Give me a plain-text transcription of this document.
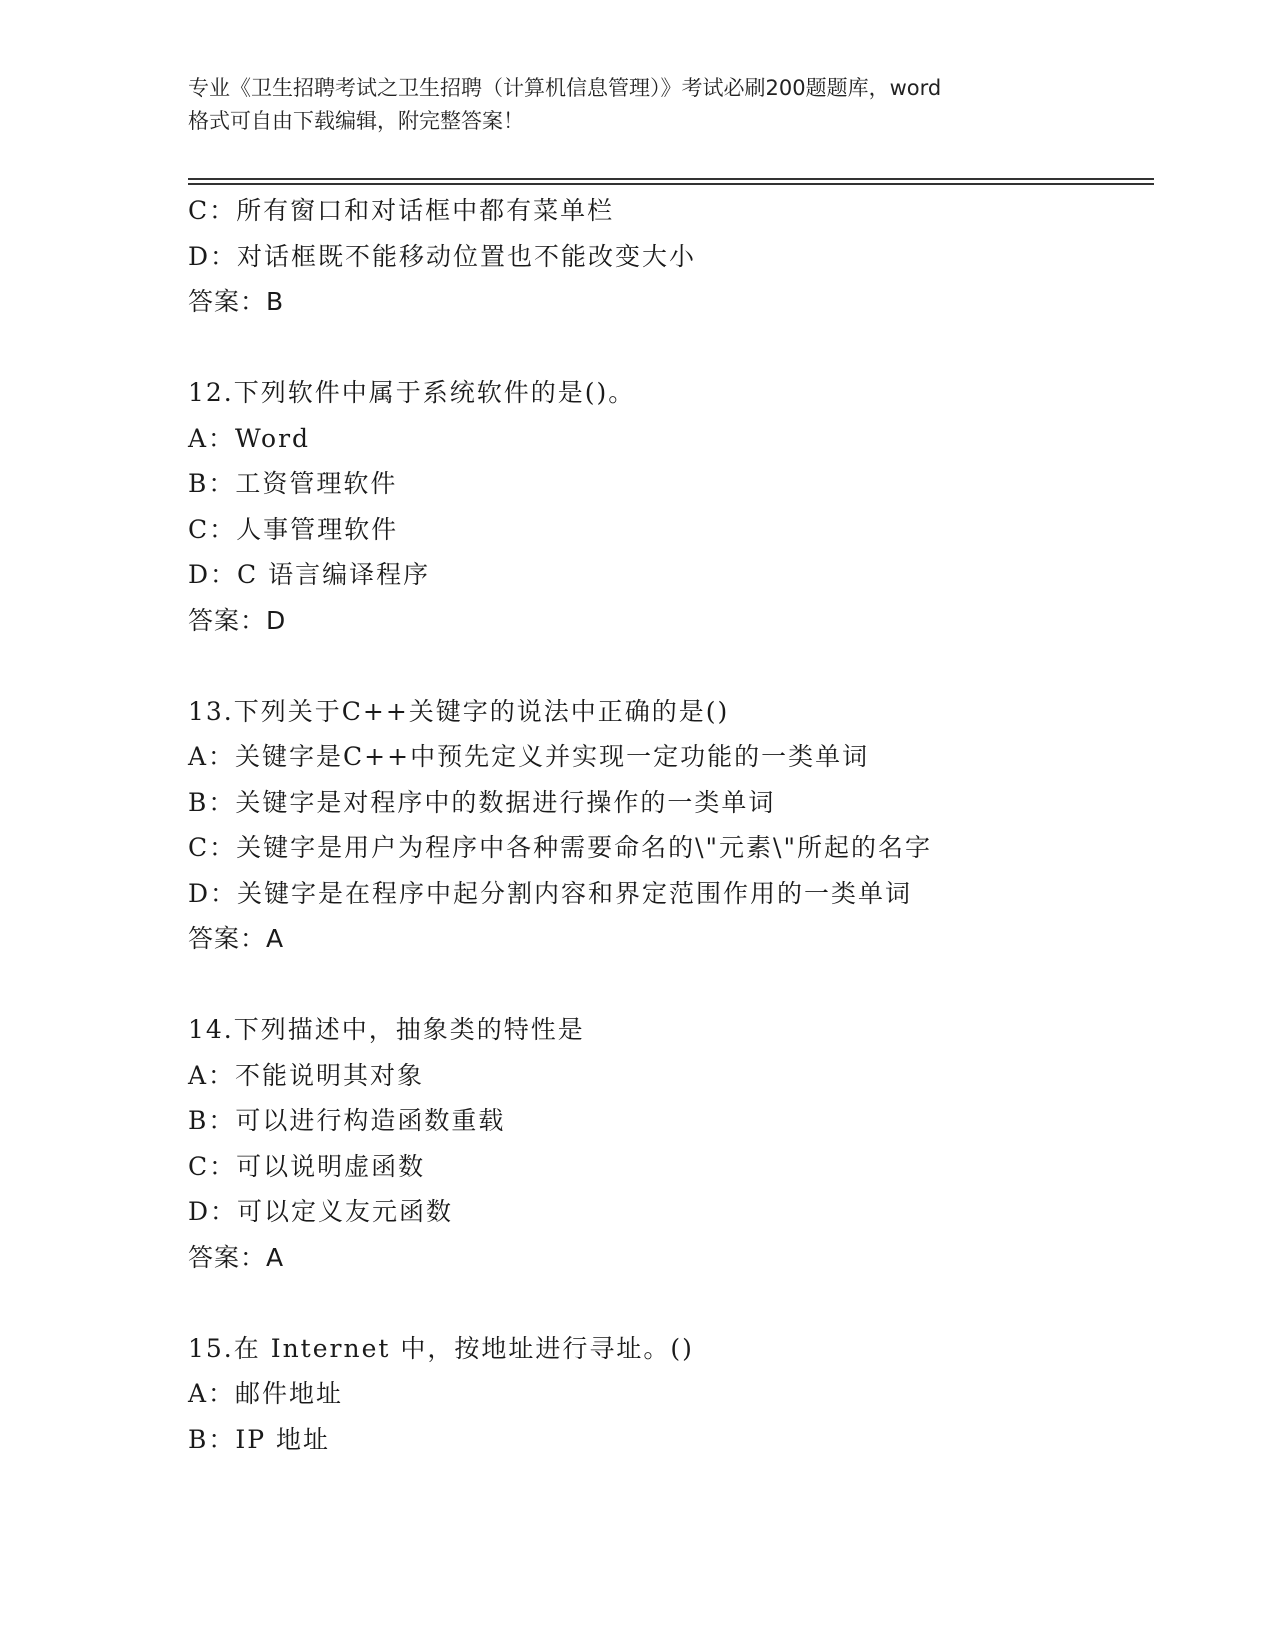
专业《卫生招聘考试之卫生招聘（计算机信息管理）》考试必刷200题题库，word
格式可自由下载编辑，附完整答案！
C：所有窗口和对话框中都有菜单栏
D：对话框既不能移动位置也不能改变大小
答案：B
12.下列软件中属于系统软件的是()。
A：Word
B：工资管理软件
C：人事管理软件
D：C 语言编译程序
答案：D
13.下列关于C++关键字的说法中正确的是()
A：关键字是C++中预先定义并实现一定功能的一类单词
B：关键字是对程序中的数据进行操作的一类单词
C：关键字是用户为程序中各种需要命名的\"元素\"所起的名字
D：关键字是在程序中起分割内容和界定范围作用的一类单词
答案：A
14.下列描述中，抽象类的特性是
A：不能说明其对象
B：可以进行构造函数重载
C：可以说明虚函数
D：可以定义友元函数
答案：A
15.在 Internet 中，按地址进行寻址。()
A：邮件地址
B：IP 地址
